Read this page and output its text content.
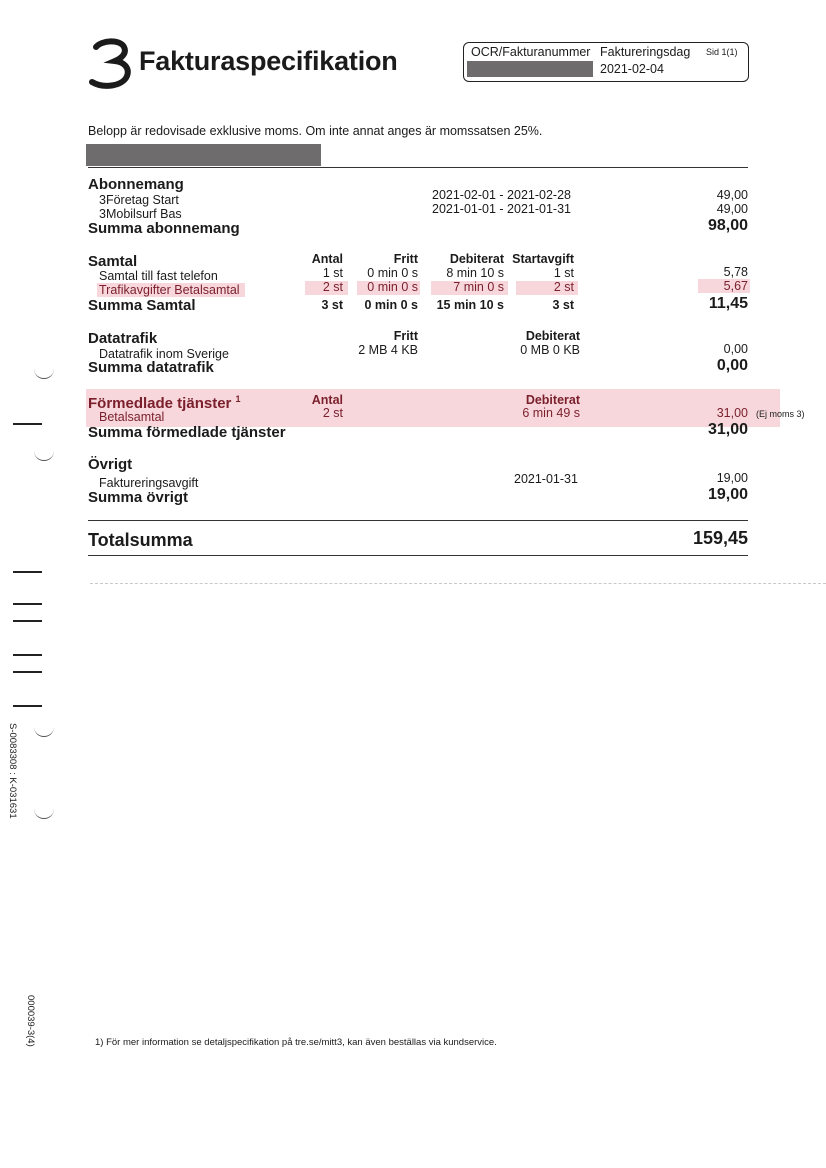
Fakturaspecifikation	OCR/Fakturanummer Faktureringsdag Sid 1(1)
2021-02-04
Belopp är redovisade exklusive moms. Om inte annat anges är momssatsen 25%.
Abonnemang
3Företag Start	2021-02-01 - 2021-02-28	49,00
3Mobilsurf Bas	2021-01-01 - 2021-01-31	49,00
Summa abonnemang	98,00
Samtal	Antal	Fritt	Debiterat Startavgift
Samtal till fast telefon	1 st	0 min 0 s	8 min 10 s	1 st	5,78
Trafikavgifter Betalsamtal	2 st	0 min 0 s	7 min 0 s	2 st	5,67
Summa Samtal	3 st	0 min 0 s	15 min 10 s	3 st	11,45
Datatrafik	Fritt	Debiterat
Datatrafik inom Sverige	2 MB 4 KB	0 MB 0 KB	0,00
Summa datatrafik	0,00
Förmedlade tjänster $^1$	Antal	Debiterat
Betalsamtal	2 st	6 min 49 s	31,00 (Ej moms 3)
Summa förmedlade tjänster	31,00
Övrigt
Faktureringsavgift	2021-01-31	19,00
Summa övrigt	19,00
Totalsumma	159,45
S-0083308 : K-031631
000039-3(4)	1) För mer information se detaljspecifikation på tre.se/mitt3, kan även beställas via kundservice.
